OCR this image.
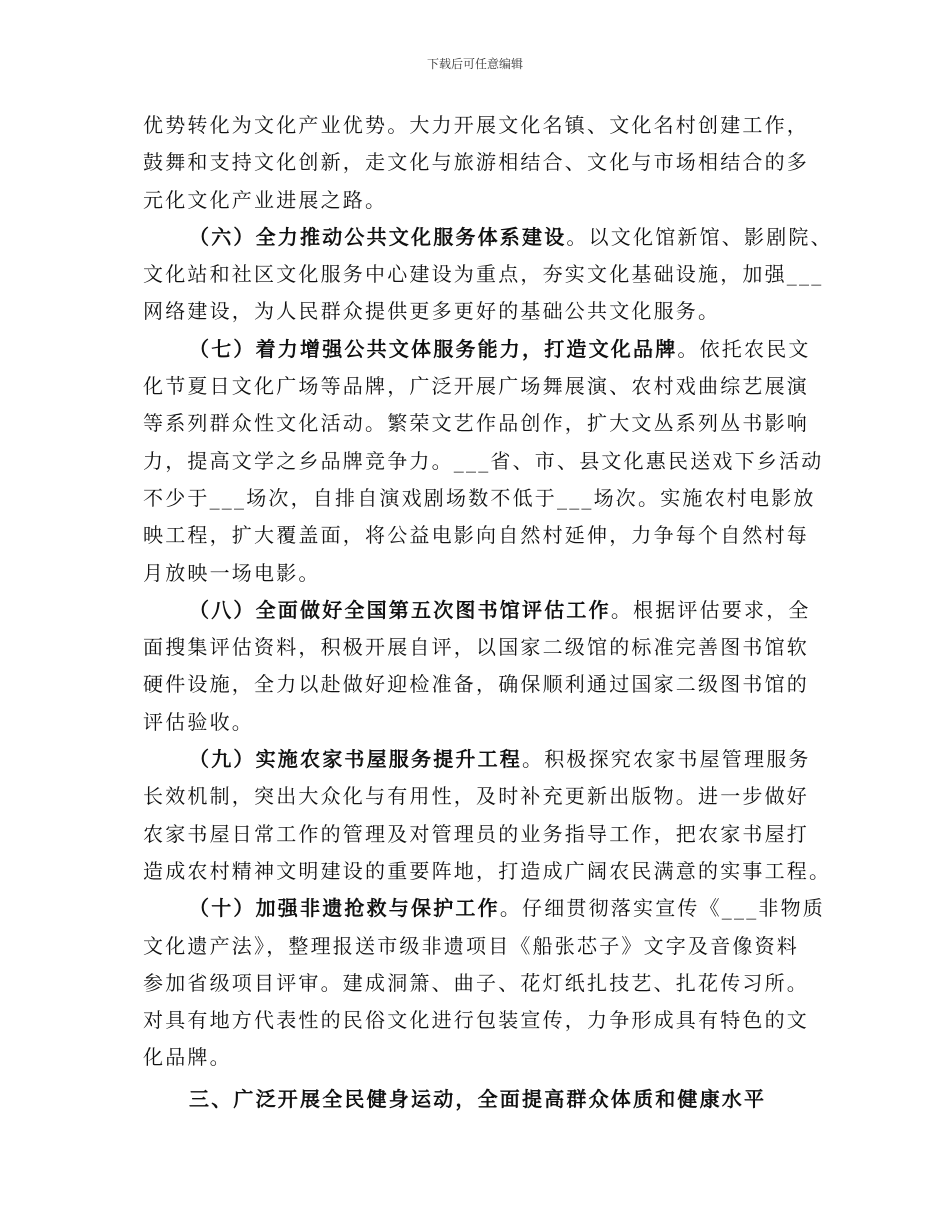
下载后可任意编辑
优势转化为文化产业优势。大力开展文化名镇、文化名村创建工作，
鼓舞和支持文化创新，走文化与旅游相结合、文化与市场相结合的多
元化文化产业进展之路。
（六）全力推动公共文化服务体系建设。以文化馆新馆、影剧院、
文化站和社区文化服务中心建设为重点，夯实文化基础设施，加强___
网络建设，为人民群众提供更多更好的基础公共文化服务。
（七）着力增强公共文体服务能力，打造文化品牌。依托农民文
化节夏日文化广场等品牌，广泛开展广场舞展演、农村戏曲综艺展演
等系列群众性文化活动。繁荣文艺作品创作，扩大文丛系列丛书影响
力，提高文学之乡品牌竞争力。___省、市、县文化惠民送戏下乡活动
不少于___场次，自排自演戏剧场数不低于___场次。实施农村电影放
映工程，扩大覆盖面，将公益电影向自然村延伸，力争每个自然村每
月放映一场电影。
（八）全面做好全国第五次图书馆评估工作。根据评估要求，全
面搜集评估资料，积极开展自评，以国家二级馆的标准完善图书馆软
硬件设施，全力以赴做好迎检准备，确保顺利通过国家二级图书馆的
评估验收。
（九）实施农家书屋服务提升工程。积极探究农家书屋管理服务
长效机制，突出大众化与有用性，及时补充更新出版物。进一步做好
农家书屋日常工作的管理及对管理员的业务指导工作，把农家书屋打
造成农村精神文明建设的重要阵地，打造成广阔农民满意的实事工程。
（十）加强非遗抢救与保护工作。仔细贯彻落实宣传《___非物质
文化遗产法》，整理报送市级非遗项目《船张芯子》文字及音像资料
参加省级项目评审。建成洞箫、曲子、花灯纸扎技艺、扎花传习所。
对具有地方代表性的民俗文化进行包装宣传，力争形成具有特色的文
化品牌。
三、广泛开展全民健身运动，全面提高群众体质和健康水平
